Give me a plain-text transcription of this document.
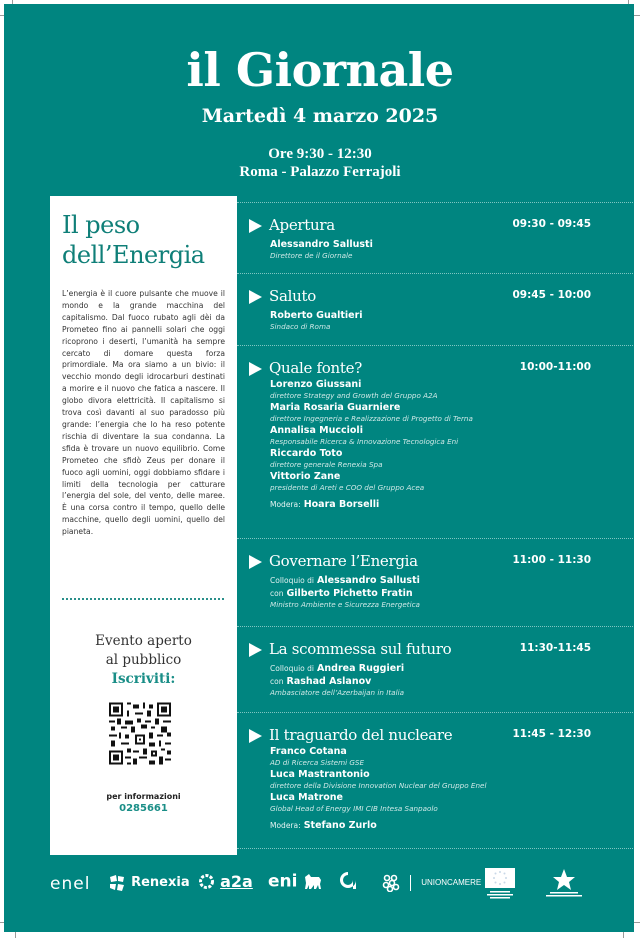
il Giornale
Martedì 4 marzo 2025
Ore 9:30 - 12:30
Roma - Palazzo Ferrajoli
Il peso
dell’Energia
L’energia è il cuore pulsante che muove il mondo e la grande macchina del capitalismo. Dal fuoco rubato agli dèi da Prometeo fino ai pannelli solari che oggi ricoprono i deserti, l’umanità ha sempre cercato di domare questa forza primordiale. Ma ora siamo a un bivio: il vecchio mondo degli idrocarburi destinati a morire e il nuovo che fatica a nascere. Il globo divora elettricità. Il capitalismo si trova così davanti al suo paradosso più grande: l’energia che lo ha reso potente rischia di diventare la sua condanna. La sfida è trovare un nuovo equilibrio. Come Prometeo che sfidò Zeus per donare il fuoco agli uomini, oggi dobbiamo sfidare i limiti della tecnologia per catturare l’energia del sole, del vento, delle maree. È una corsa contro il tempo, quello delle macchine, quello degli uomini, quello del pianeta.
Evento aperto
al pubblico
Iscriviti:
per informazioni
0285661
Apertura	09:30 - 09:45
Alessandro Sallusti
Direttore de il Giornale
Saluto	09:45 - 10:00
Roberto Gualtieri
Sindaco di Roma
Quale fonte?	10:00-11:00
Lorenzo Giussani
direttore Strategy and Growth del Gruppo A2A
Maria Rosaria Guarniere
direttore Ingegneria e Realizzazione di Progetto di Terna
Annalisa Muccioli
Responsabile Ricerca & Innovazione Tecnologica Eni
Riccardo Toto
direttore generale Renexia Spa
Vittorio Zane
presidente di Areti e COO del Gruppo Acea
Modera: Hoara Borselli
Governare l’Energia	11:00 - 11:30
Colloquio di Alessandro Sallusti
con Gilberto Pichetto Fratin
Ministro Ambiente e Sicurezza Energetica
La scommessa sul futuro	11:30-11:45
Colloquio di Andrea Ruggieri
con Rashad Aslanov
Ambasciatore dell’Azerbaijan in Italia
Il traguardo del nucleare	11:45 - 12:30
Franco Cotana
AD di Ricerca Sistemi GSE
Luca Mastrantonio
direttore della Divisione Innovation Nuclear del Gruppo Enel
Luca Matrone
Global Head of Energy IMI CIB Intesa Sanpaolo
Modera: Stefano Zurlo
enel	Renexia	a2a eni	UNIONCAMERE
